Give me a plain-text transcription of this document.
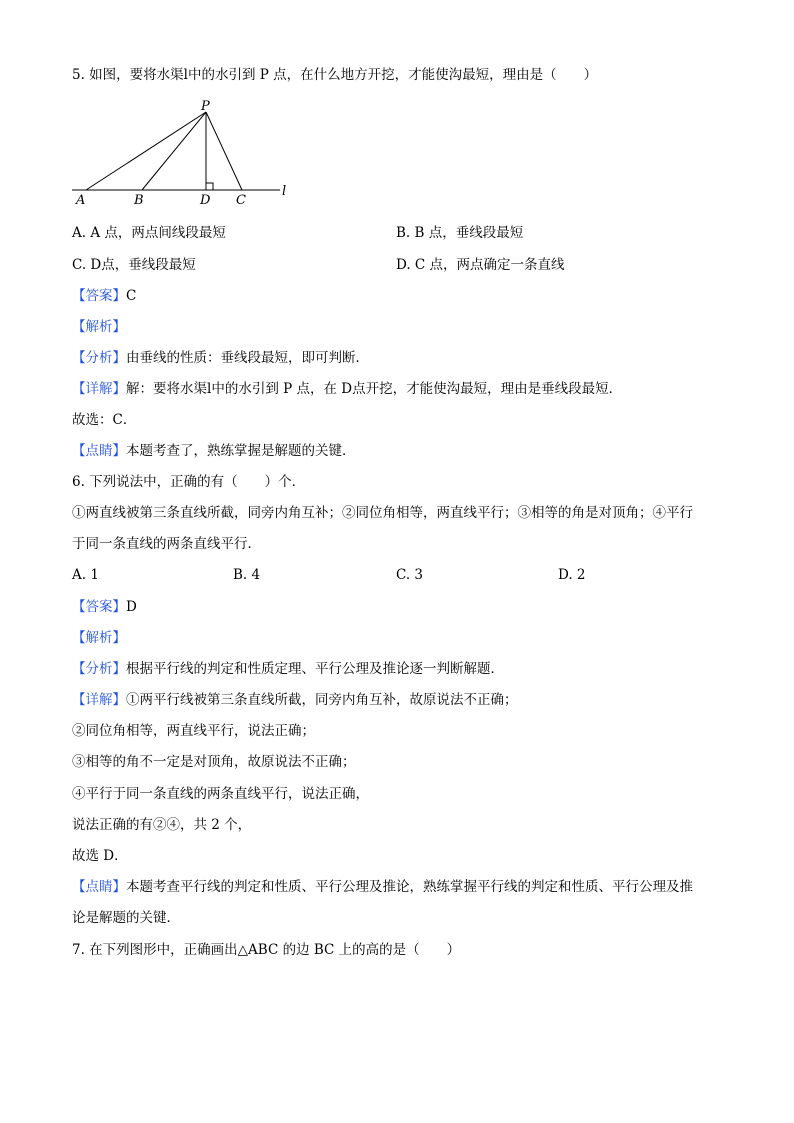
5. 如图，要将水渠l中的水引到 P 点，在什么地方开挖，才能使沟最短，理由是（　　）
P
A	B	D C
l
A. A 点，两点间线段最短	B. B 点，垂线段最短
C. D点，垂线段最短	D. C 点，两点确定一条直线
【答案】C
【解析】
【分析】由垂线的性质：垂线段最短，即可判断．
【详解】解：要将水渠l中的水引到 P 点，在 D点开挖，才能使沟最短，理由是垂线段最短．
故选：C．
【点睛】本题考查了，熟练掌握是解题的关键．
6. 下列说法中，正确的有（　　）个．
①两直线被第三条直线所截，同旁内角互补；②同位角相等，两直线平行；③相等的角是对顶角；④平行
于同一条直线的两条直线平行．
A. 1	B. 4	C. 3	D. 2
【答案】D
【解析】
【分析】根据平行线的判定和性质定理、平行公理及推论逐一判断解题．
【详解】①两平行线被第三条直线所截，同旁内角互补，故原说法不正确；
②同位角相等，两直线平行，说法正确；
③相等的角不一定是对顶角，故原说法不正确；
④平行于同一条直线的两条直线平行，说法正确，
说法正确的有②④，共 2 个，
故选 D．
【点睛】本题考查平行线的判定和性质、平行公理及推论，熟练掌握平行线的判定和性质、平行公理及推
论是解题的关键．
7. 在下列图形中，正确画出△ABC 的边 BC 上的高的是（　　）
